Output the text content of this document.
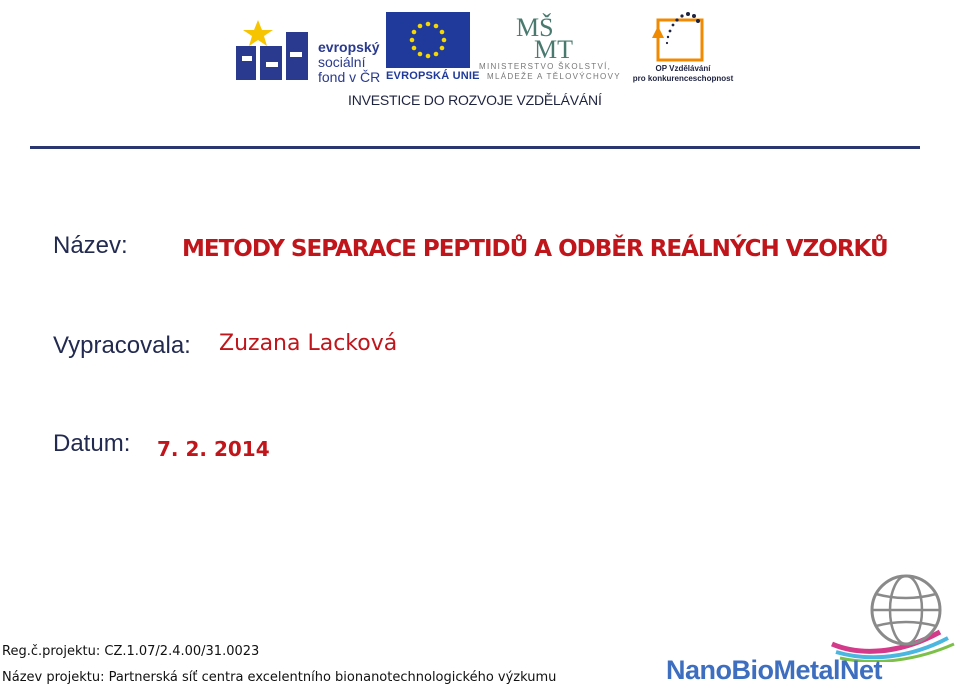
evropský
sociální
fond v ČR EVROPSKÁ UNIE
MŠ
MT
MINISTERSTVO ŠKOLSTVÍ,
MLÁDEŽE A TĚLOVÝCHOVY
OP Vzdělávání
pro konkurenceschopnost
INVESTICE DO ROZVOJE VZDĚLÁVÁNÍ
Název: METODY SEPARACE PEPTIDŮ A ODBĚR REÁLNÝCH VZORKŮ
Vypracovala: Zuzana Lacková
Datum: 7. 2. 2014
Reg.č.projektu: CZ.1.07/2.4.00/31.0023
Název projektu: Partnerská síť centra excelentního bionanotechnologického výzkumu	NanoBioMetalNet
